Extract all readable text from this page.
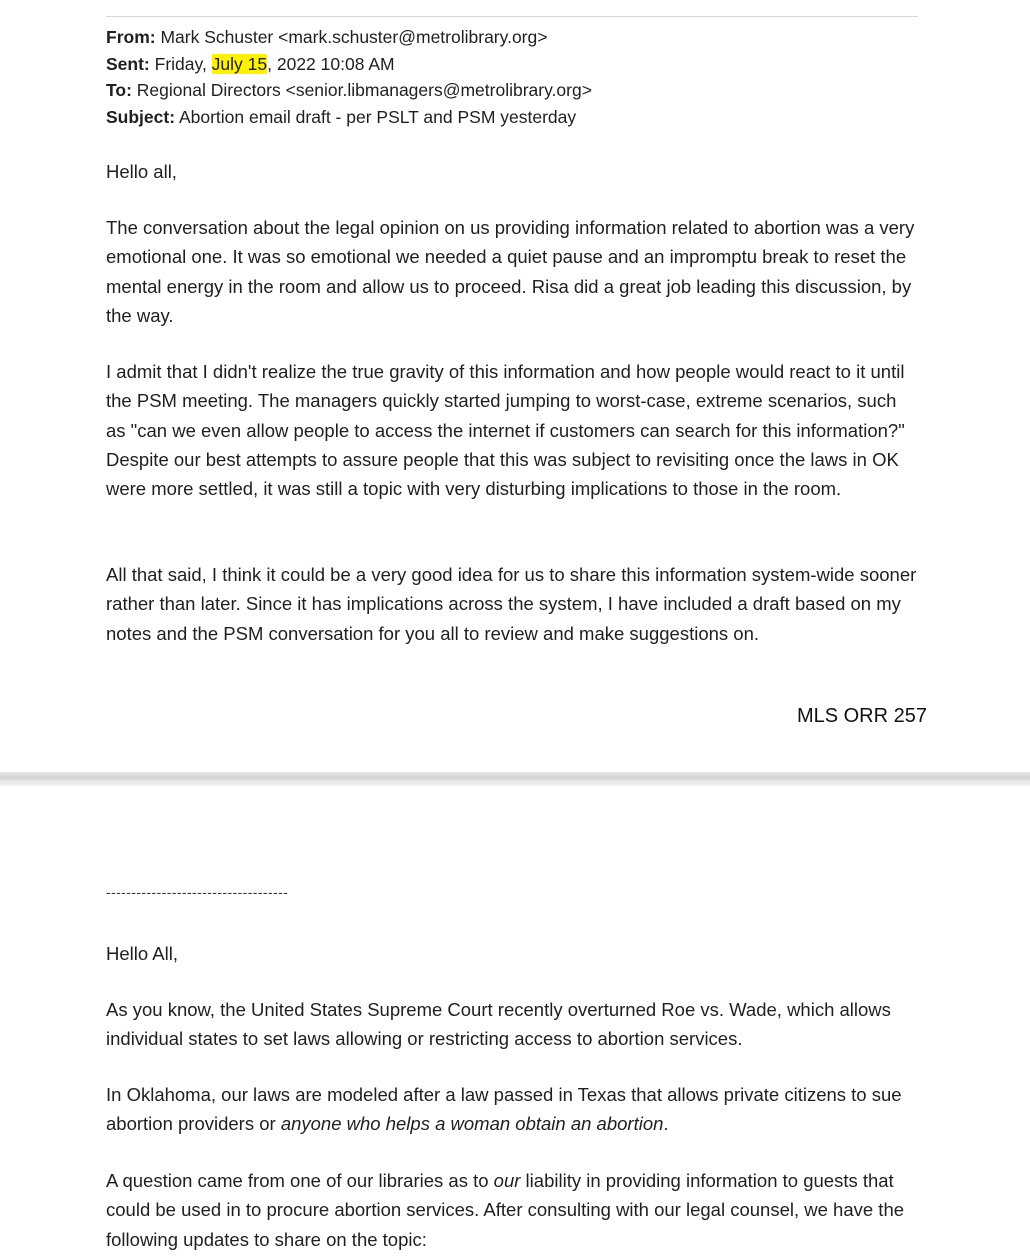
From: Mark Schuster <mark.schuster@metrolibrary.org>
Sent: Friday, July 15, 2022 10:08 AM
To: Regional Directors <senior.libmanagers@metrolibrary.org>
Subject: Abortion email draft - per PSLT and PSM yesterday

Hello all,

The conversation about the legal opinion on us providing information related to abortion was a very emotional one. It was so emotional we needed a quiet pause and an impromptu break to reset the mental energy in the room and allow us to proceed. Risa did a great job leading this discussion, by the way.

I admit that I didn't realize the true gravity of this information and how people would react to it until the PSM meeting. The managers quickly started jumping to worst-case, extreme scenarios, such as "can we even allow people to access the internet if customers can search for this information?" Despite our best attempts to assure people that this was subject to revisiting once the laws in OK were more settled, it was still a topic with very disturbing implications to those in the room.

All that said, I think it could be a very good idea for us to share this information system-wide sooner rather than later. Since it has implications across the system, I have included a draft based on my notes and the PSM conversation for you all to review and make suggestions on.

MLS ORR 257
------------------------------------

Hello All,

As you know, the United States Supreme Court recently overturned Roe vs. Wade, which allows individual states to set laws allowing or restricting access to abortion services.

In Oklahoma, our laws are modeled after a law passed in Texas that allows private citizens to sue abortion providers or anyone who helps a woman obtain an abortion.

A question came from one of our libraries as to our liability in providing information to guests that could be used in to procure abortion services. After consulting with our legal counsel, we have the following updates to share on the topic:
